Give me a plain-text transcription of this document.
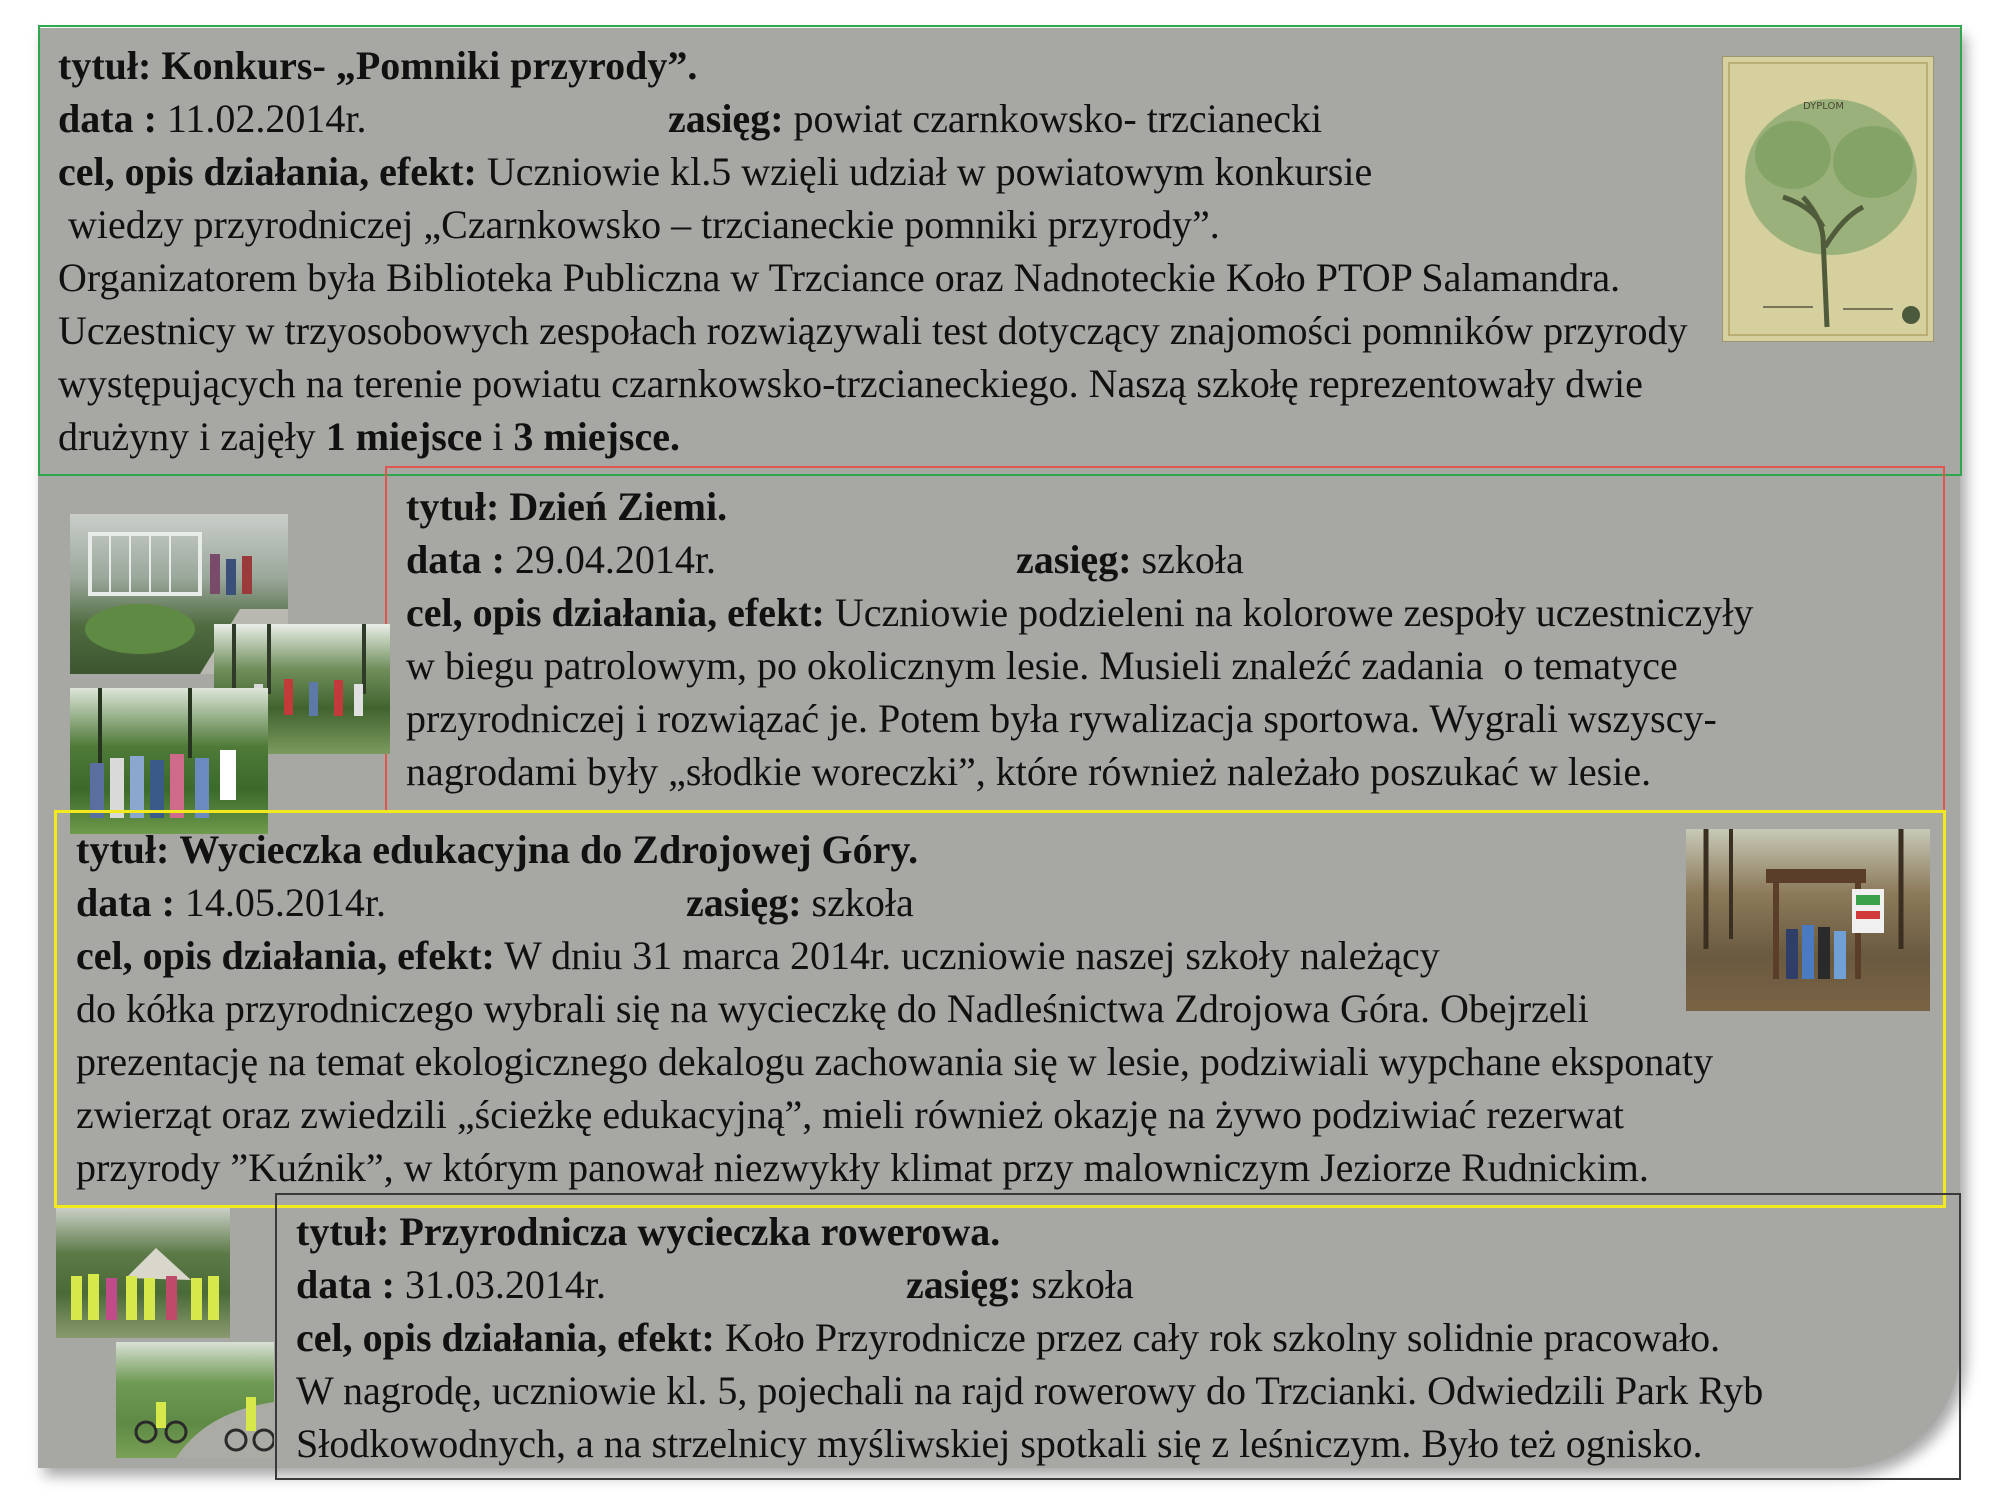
DYPLOM
tytuł: Konkurs- „Pomniki przyrody”.
data : 11.02.2014r.	zasięg: powiat czarnkowsko- trzcianecki
cel, opis działania, efekt: Uczniowie kl.5 wzięli udział w powiatowym konkursie
wiedzy przyrodniczej „Czarnkowsko – trzcianeckie pomniki przyrody”.
Organizatorem była Biblioteka Publiczna w Trzciance oraz Nadnoteckie Koło PTOP Salamandra.
Uczestnicy w trzyosobowych zespołach rozwiązywali test dotyczący znajomości pomników przyrody
występujących na terenie powiatu czarnkowsko-trzcianeckiego. Naszą szkołę reprezentowały dwie
drużyny i zajęły 1 miejsce i 3 miejsce.
tytuł: Dzień Ziemi.
data : 29.04.2014r.	zasięg: szkoła
cel, opis działania, efekt: Uczniowie podzieleni na kolorowe zespoły uczestniczyły
w biegu patrolowym, po okolicznym lesie. Musieli znaleźć zadania  o tematyce
przyrodniczej i rozwiązać je. Potem była rywalizacja sportowa. Wygrali wszyscy-
nagrodami były „słodkie woreczki”, które również należało poszukać w lesie.
tytuł: Wycieczka edukacyjna do Zdrojowej Góry.
data : 14.05.2014r.	zasięg: szkoła
cel, opis działania, efekt: W dniu 31 marca 2014r. uczniowie naszej szkoły należący
do kółka przyrodniczego wybrali się na wycieczkę do Nadleśnictwa Zdrojowa Góra. Obejrzeli
prezentację na temat ekologicznego dekalogu zachowania się w lesie, podziwiali wypchane eksponaty
zwierząt oraz zwiedzili „ścieżkę edukacyjną”, mieli również okazję na żywo podziwiać rezerwat
przyrody ”Kuźnik”, w którym panował niezwykły klimat przy malowniczym Jeziorze Rudnickim.
tytuł: Przyrodnicza wycieczka rowerowa.
data : 31.03.2014r.	zasięg: szkoła
cel, opis działania, efekt: Koło Przyrodnicze przez cały rok szkolny solidnie pracowało.
W nagrodę, uczniowie kl. 5, pojechali na rajd rowerowy do Trzcianki. Odwiedzili Park Ryb
Słodkowodnych, a na strzelnicy myśliwskiej spotkali się z leśniczym. Było też ognisko.
